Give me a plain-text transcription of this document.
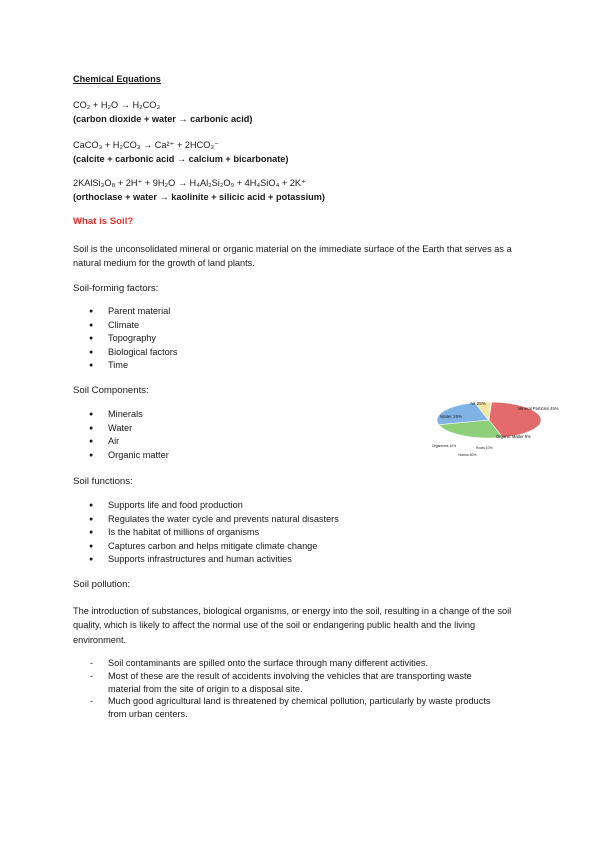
Chemical Equations
CO₂ + H₂O → H₂CO₃
(carbon dioxide + water → carbonic acid)
CaCO₃ + H₂CO₃ → Ca²⁺ + 2HCO₃⁻
(calcite + carbonic acid → calcium + bicarbonate)
2KAlSi₃O₈ + 2H⁺ + 9H₂O → H₄Al₂Si₂O₉ + 4H₄SiO₄ + 2K⁺
(orthoclase + water → kaolinite + silicic acid + potassium)
What is Soil?
Soil is the unconsolidated mineral or organic material on the immediate surface of the Earth that serves as a natural medium for the growth of land plants.
Soil-forming factors:
● Parent material
● Climate
● Topography
● Biological factors
● Time
Soil Components:
● Minerals
● Water
● Air
● Organic matter
Air 25%
Water 25%
Mineral Particles 45%
Organic Matter 5%
Organisms 10%
Humus 80%
Roots 10%
Soil functions:
● Supports life and food production
● Regulates the water cycle and prevents natural disasters
● Is the habitat of millions of organisms
● Captures carbon and helps mitigate climate change
● Supports infrastructures and human activities
Soil pollution:
The introduction of substances, biological organisms, or energy into the soil, resulting in a change of the soil quality, which is likely to affect the normal use of the soil or endangering public health and the living environment.
- Soil contaminants are spilled onto the surface through many different activities.
- Most of these are the result of accidents involving the vehicles that are transporting waste material from the site of origin to a disposal site.
- Much good agricultural land is threatened by chemical pollution, particularly by waste products from urban centers.
